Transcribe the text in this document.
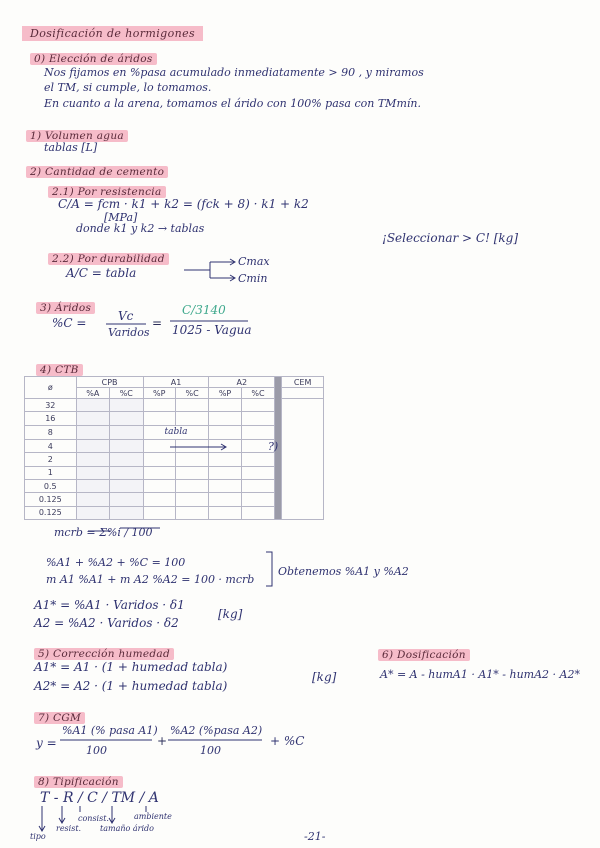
Dosificación de hormigones
0) Elección de áridos
Nos fijamos en %pasa acumulado inmediatamente > 90 , y miramos
el TM, si cumple, lo tomamos.
En cuanto a la arena, tomamos el árido con 100% pasa con TMmín.
1) Volumen agua
tablas [L]
2) Cantidad de cemento
2.1) Por resistencia
C/A = fcm · k1 + k2 = (fck + 8) · k1 + k2
[MPa]
donde k1 y k2 → tablas
¡Seleccionar > C! [kg]
2.2) Por durabilidad
A/C = tabla
Cmax
Cmin
3) Áridos
%C =	Vc
Varidos
=
C/3140
1025 - Vagua
4) CTB
ø	CPB		A1		A2			CEM
	%A	%C	%P	%C	%P	%C		
32								
16								
8			tabla					
4								
2								
1								
0.5								
0.125								
0.125								
?)
mcrb = Σ%i / 100
%A1 + %A2 + %C = 100
m A1 %A1 + m A2 %A2 = 100 · mcrb
Obtenemos %A1 y %A2
A1* = %A1 · Varidos · δ1
A2 = %A2 · Varidos · δ2
[kg]
5) Corrección humedad
A1* = A1 · (1 + humedad tabla)
A2* = A2 · (1 + humedad tabla)
[kg]
6) Dosificación
A* = A - humA1 · A1* - humA2 · A2*
7) CGM
y =
%A1 (% pasa A1)
100
+
%A2 (%pasa A2)
100
+ %C
8) Tipificación
T - R / C / TM / A
tipo
resist.
consist.
tamaño árido
ambiente
-21-
